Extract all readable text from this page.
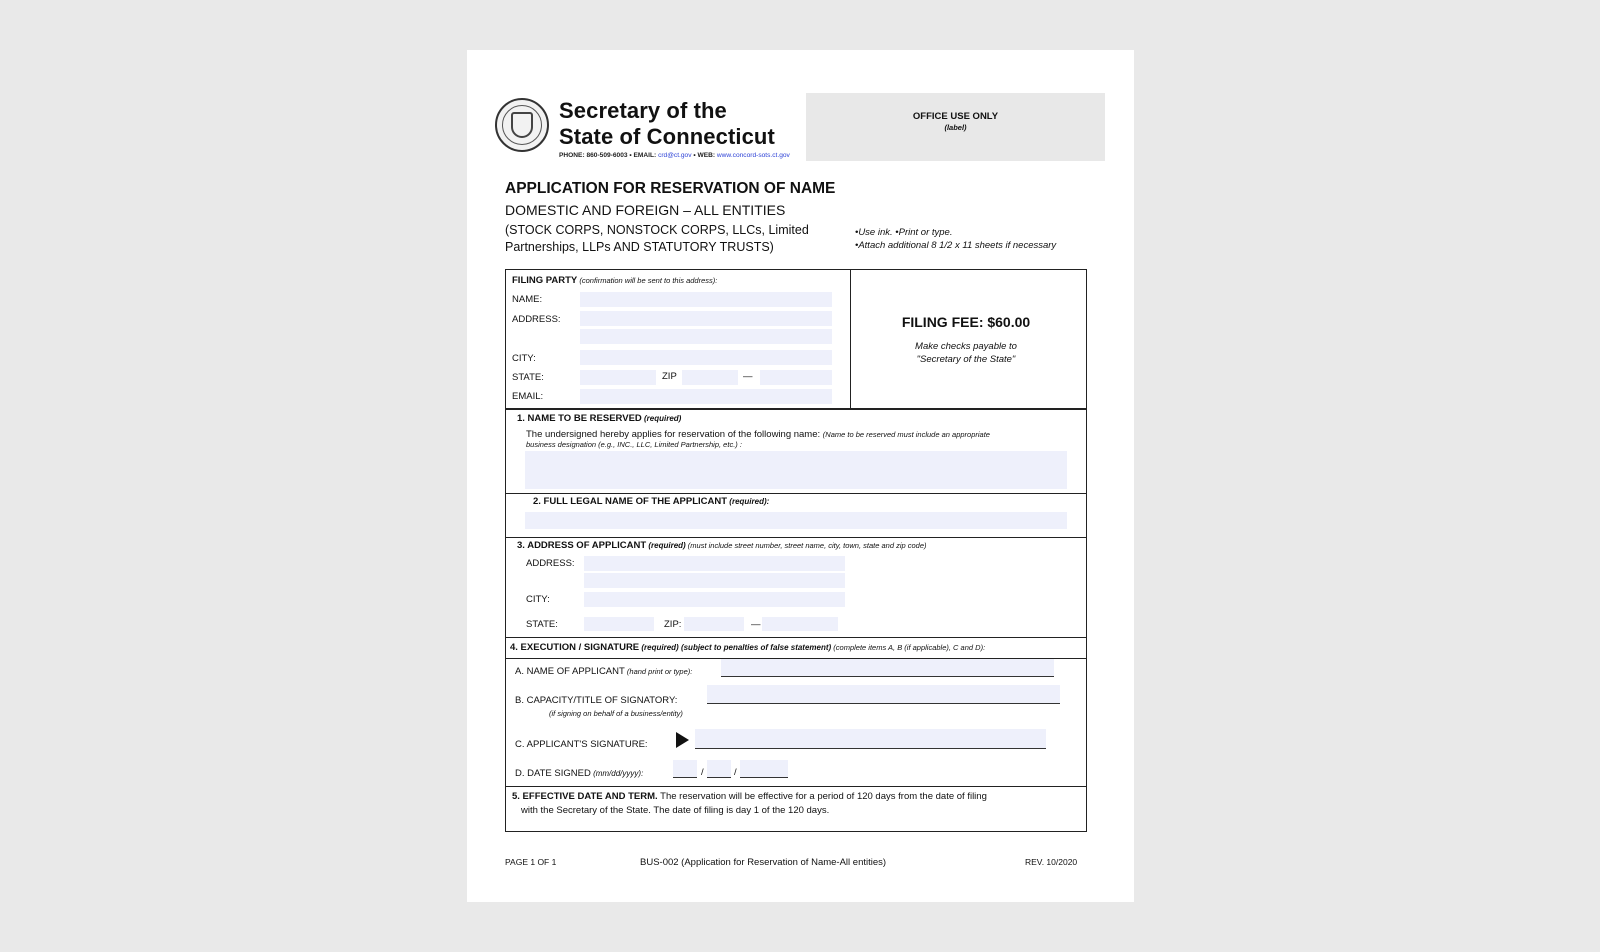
Secretary of the
State of Connecticut
PHONE: 860-509-6003 • EMAIL: crd@ct.gov • WEB: www.concord-sots.ct.gov
OFFICE USE ONLY
(label)
APPLICATION FOR RESERVATION OF NAME
DOMESTIC AND FOREIGN – ALL ENTITIES
(STOCK CORPS, NONSTOCK CORPS, LLCs, Limited Partnerships, LLPs AND STATUTORY TRUSTS)
•Use ink. •Print or type.
•Attach additional 8 1/2 x 11 sheets if necessary
FILING PARTY (confirmation will be sent to this address):
NAME:
ADDRESS:
CITY:
STATE:	ZIP	—
EMAIL:
FILING FEE: $60.00
Make checks payable to
"Secretary of the State"
1. NAME TO BE RESERVED (required)
The undersigned hereby applies for reservation of the following name: (Name to be reserved must include an appropriate
business designation (e.g., INC., LLC, Limited Partnership, etc.) :
2. FULL LEGAL NAME OF THE APPLICANT (required):
3. ADDRESS OF APPLICANT (required) (must include street number, street name, city, town, state and zip code)
ADDRESS:
CITY:
STATE:	ZIP:	—
4. EXECUTION / SIGNATURE (required) (subject to penalties of false statement) (complete items A, B (if applicable), C and D):
A. NAME OF APPLICANT (hand print or type):
B. CAPACITY/TITLE OF SIGNATORY:
(if signing on behalf of a business/entity)
C. APPLICANT'S SIGNATURE:
D. DATE SIGNED (mm/dd/yyyy):	/	/
5. EFFECTIVE DATE AND TERM. The reservation will be effective for a period of 120 days from the date of filing
with the Secretary of the State. The date of filing is day 1 of the 120 days.
PAGE 1 OF 1	BUS-002 (Application for Reservation of Name-All entities)	REV. 10/2020
